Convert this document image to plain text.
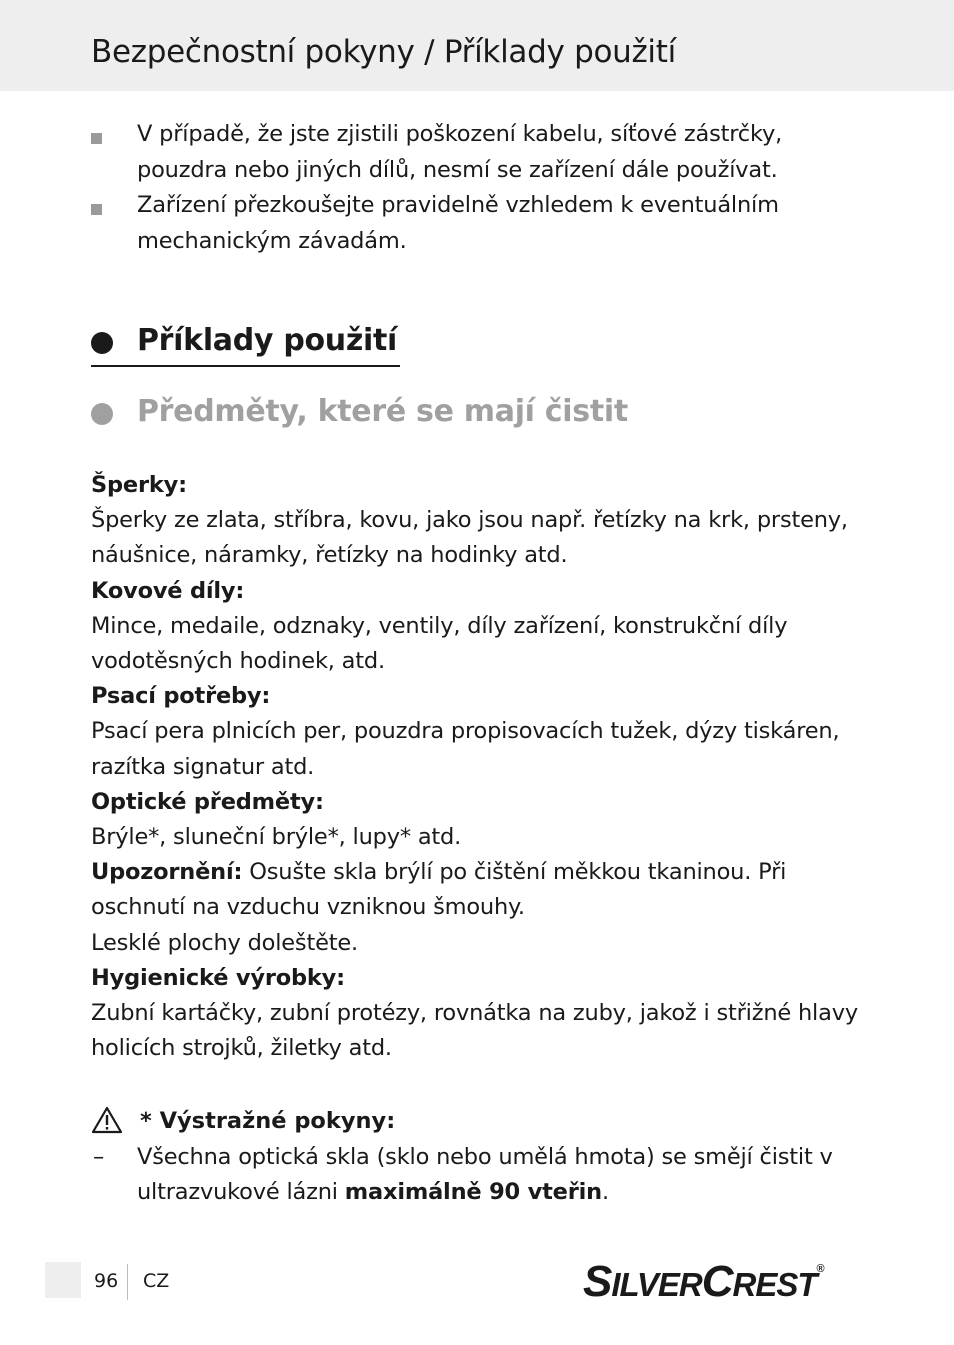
Bezpečnostní pokyny / Příklady použití
V případě, že jste zjistili poškození kabelu, síťové zástrčky, pouzdra nebo jiných dílů, nesmí se zařízení dále používat.
Zařízení přezkoušejte pravidelně vzhledem k eventuálním mechanickým závadám.
Příklady použití
Předměty, které se mají čistit

Šperky:

Šperky ze zlata, stříbra, kovu, jako jsou např. řetízky na krk, prsteny, náušnice, náramky, řetízky na hodinky atd.

Kovové díly:

Mince, medaile, odznaky, ventily, díly zařízení, konstrukční díly vodotěsných hodinek, atd.

Psací potřeby:

Psací pera plnicích per, pouzdra propisovacích tužek, dýzy tiskáren, razítka signatur atd.

Optické předměty:

Brýle*, sluneční brýle*, lupy* atd.

Upozornění: Osušte skla brýlí po čištění měkkou tkaninou. Při oschnutí na vzduchu vzniknou šmouhy.

Lesklé plochy doleštěte.

Hygienické výrobky:

Zubní kartáčky, zubní protézy, rovnátka na zuby, jakož i střižné hlavy holicích strojků, žiletky atd.

* Výstražné pokyny:
– Všechna optická skla (sklo nebo umělá hmota) se smějí čistit v ultrazvukové lázni maximálně 90 vteřin.
96 CZ	SILVERCREST®
